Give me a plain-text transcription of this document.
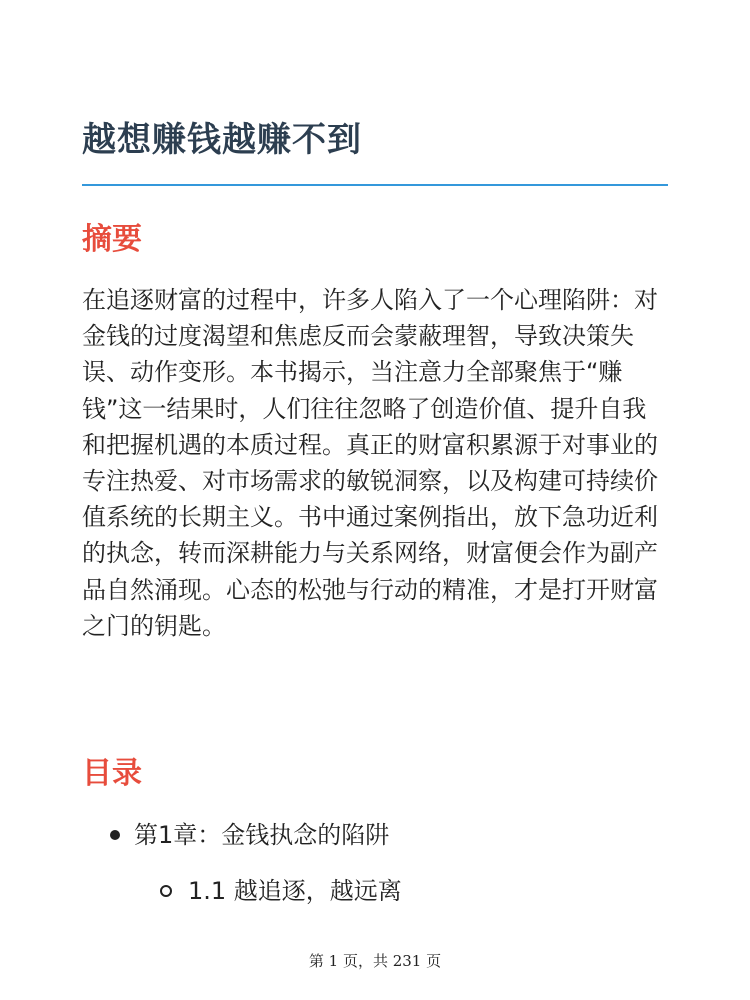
越想赚钱越赚不到
摘要

在追逐财富的过程中，许多人陷入了一个心理陷阱：对金钱的过度渴望和焦虑反而会蒙蔽理智，导致决策失误、动作变形。本书揭示，当注意力全部聚焦于“赚钱”这一结果时，人们往往忽略了创造价值、提升自我和把握机遇的本质过程。真正的财富积累源于对事业的专注热爱、对市场需求的敏锐洞察，以及构建可持续价值系统的长期主义。书中通过案例指出，放下急功近利的执念，转而深耕能力与关系网络，财富便会作为副产品自然涌现。心态的松弛与行动的精准，才是打开财富之门的钥匙。

目录
第1章：金钱执念的陷阱
1.1 越追逐，越远离
第 1 页，共 231 页
